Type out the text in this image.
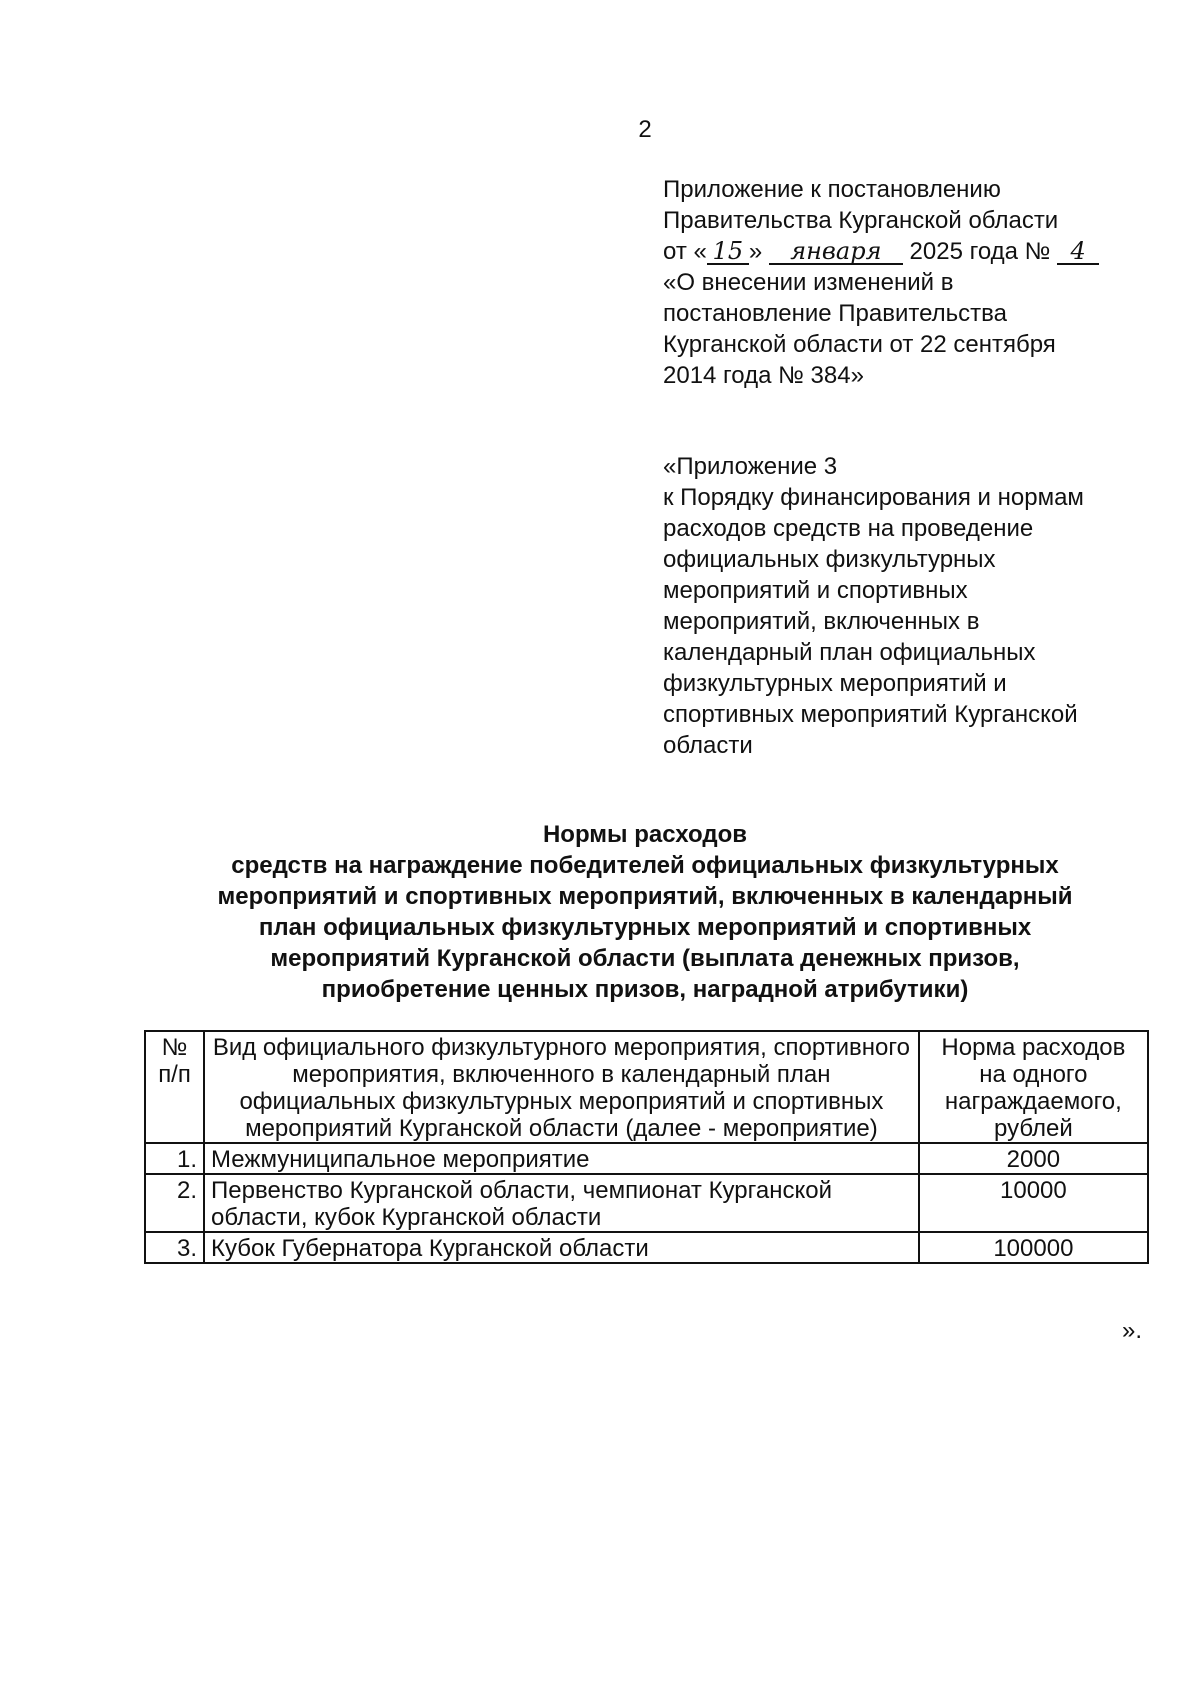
2
Приложение к постановлению
Правительства Курганской области
от « 15 » января 2025 года № 4
«О внесении изменений в
постановление Правительства
Курганской области от 22 сентября
2014 года № 384»
«Приложение 3
к Порядку финансирования и нормам
расходов средств на проведение
официальных физкультурных
мероприятий и спортивных
мероприятий, включенных в
календарный план официальных
физкультурных мероприятий и
спортивных мероприятий Курганской
области
Нормы расходов
средств на награждение победителей официальных физкультурных
мероприятий и спортивных мероприятий, включенных в календарный
план официальных физкультурных мероприятий и спортивных
мероприятий Курганской области (выплата денежных призов,
приобретение ценных призов, наградной атрибутики)
№
п/п	Вид официального физкультурного мероприятия, спортивного мероприятия, включенного в календарный план официальных физкультурных мероприятий и спортивных мероприятий Курганской области (далее - мероприятие)	Норма расходов на одного награждаемого, рублей
1.	Межмуниципальное мероприятие	2000
2.	Первенство Курганской области, чемпионат Курганской области, кубок Курганской области	10000
3.	Кубок Губернатора Курганской области	100000
».
